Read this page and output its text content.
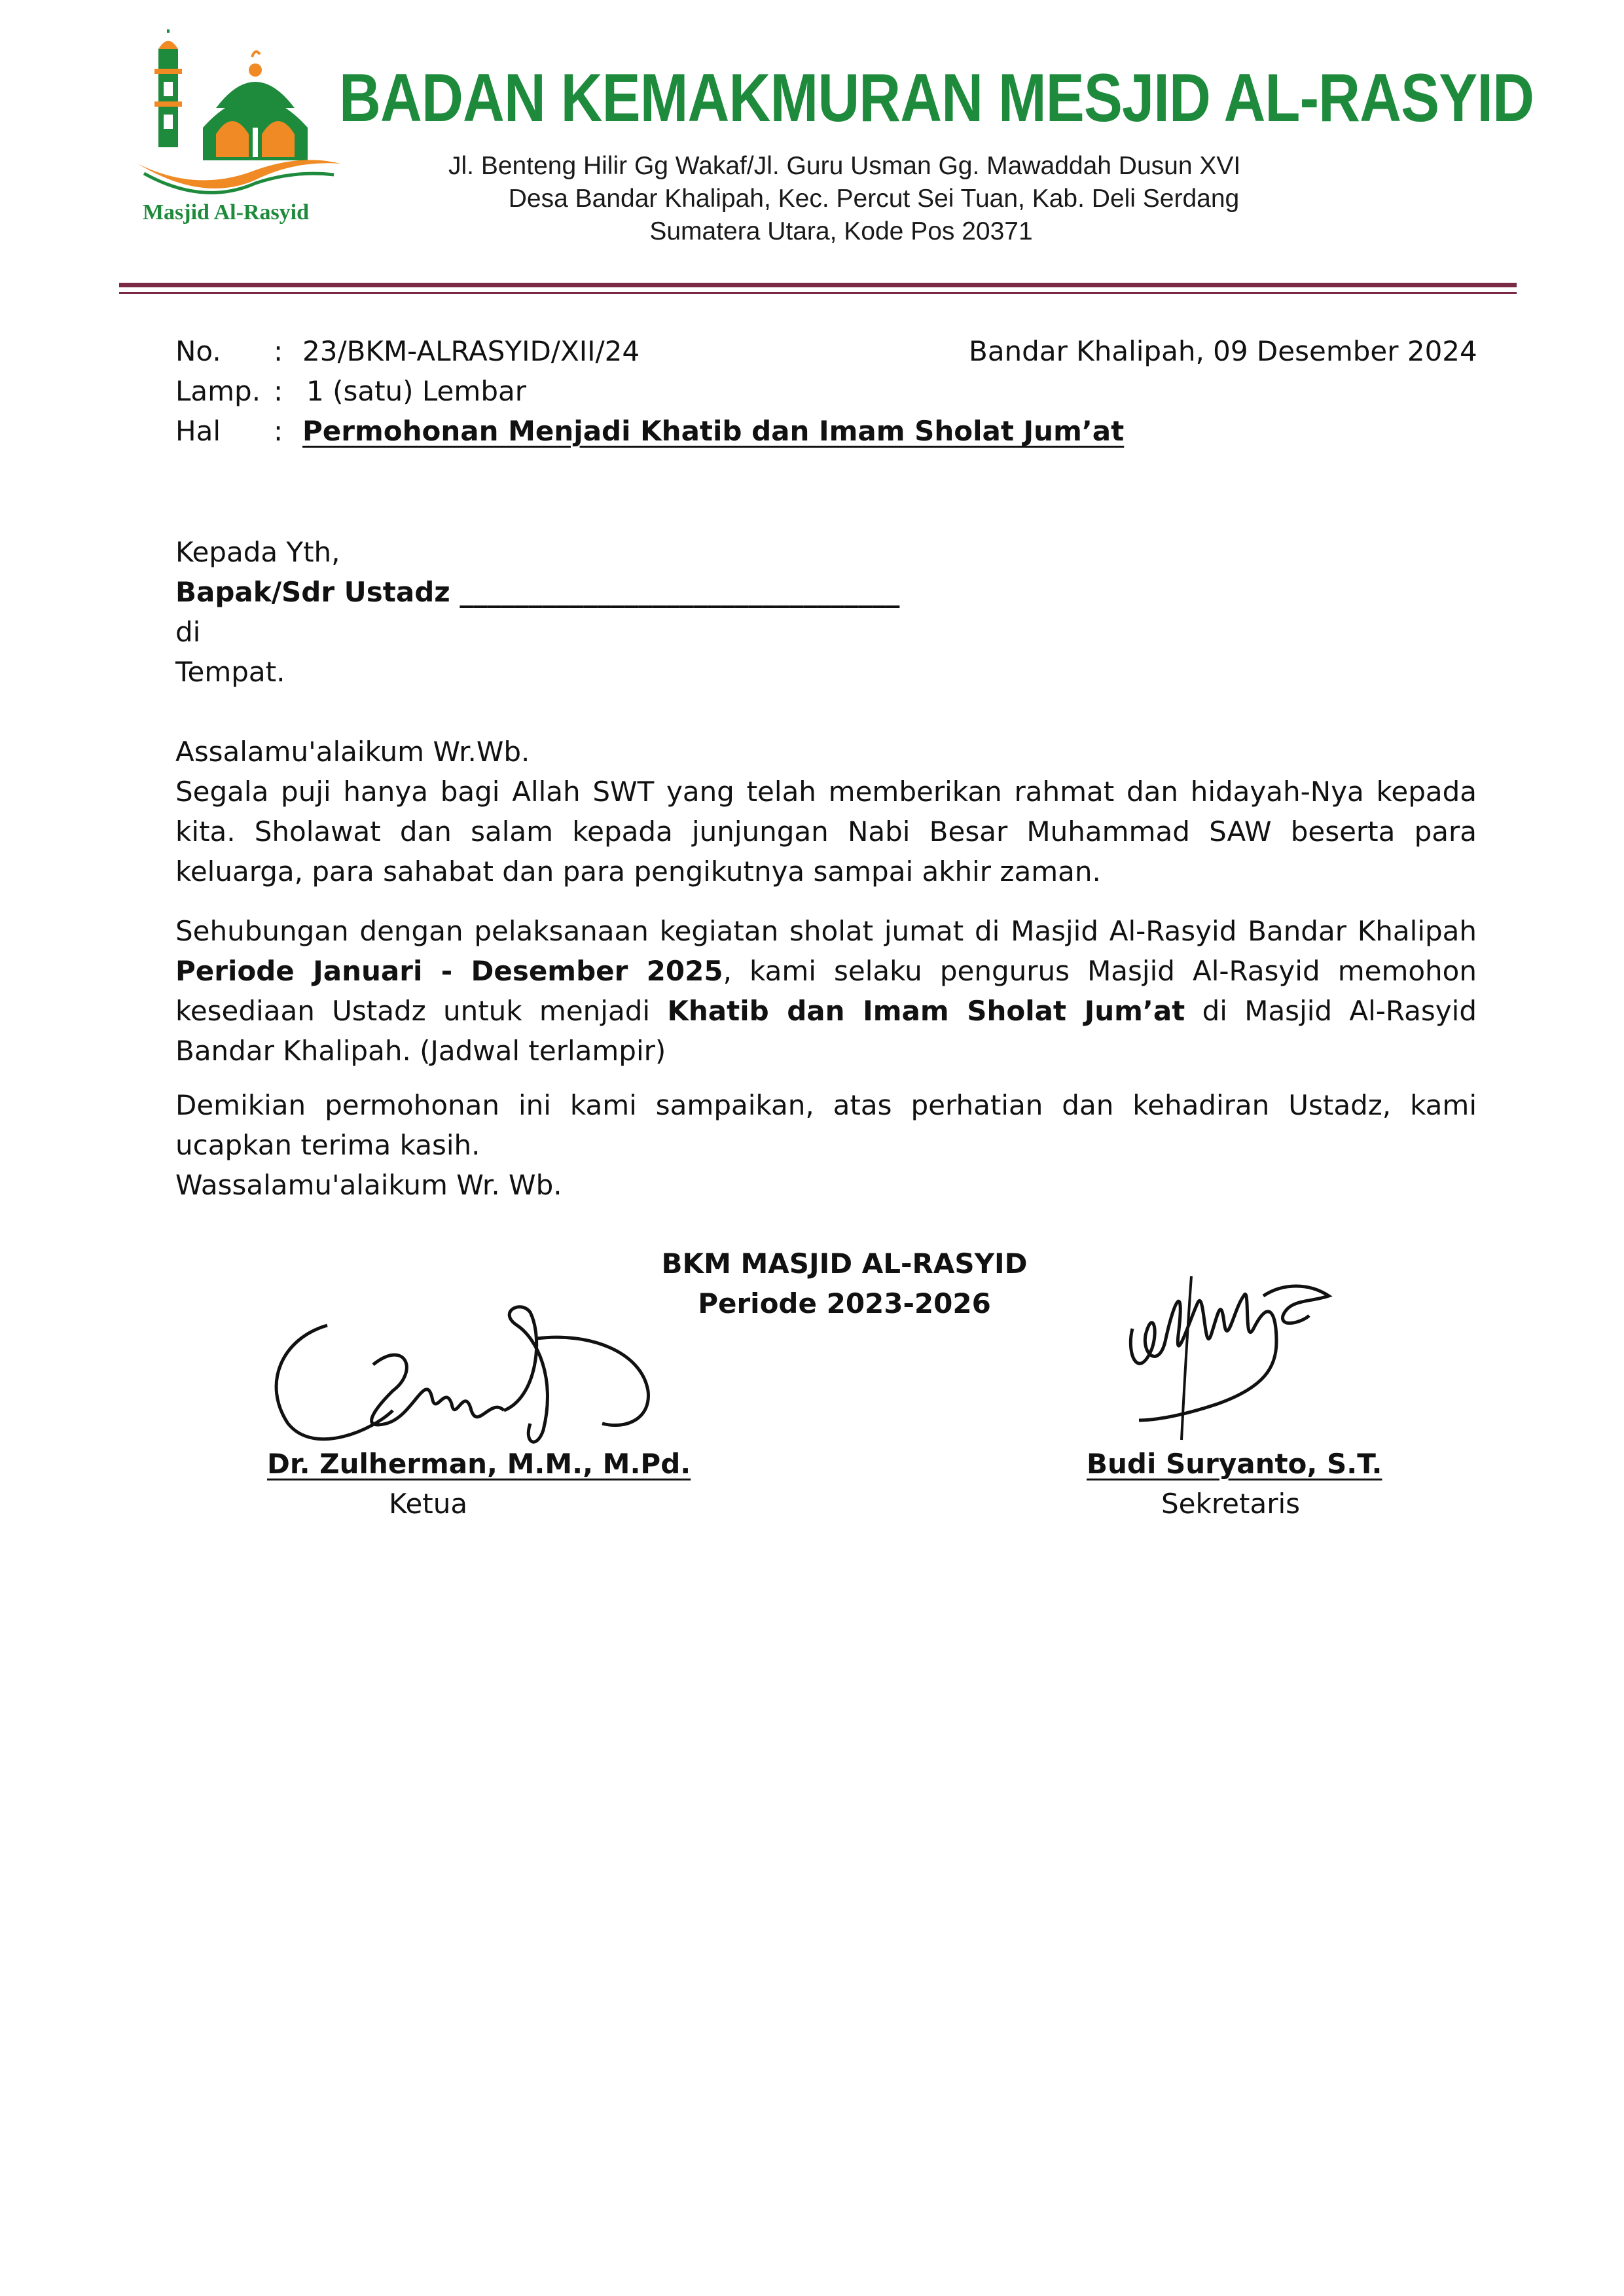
Masjid Al-Rasyid
BADAN KEMAKMURAN MESJID AL-RASYID
Jl. Benteng Hilir Gg Wakaf/Jl. Guru Usman Gg. Mawaddah Dusun XVI
Desa Bandar Khalipah, Kec. Percut Sei Tuan, Kab. Deli Serdang
Sumatera Utara, Kode Pos 20371
No.
Lamp.
Hal
:
:
:
23/BKM-ALRASYID/XII/24
1 (satu) Lembar
Permohonan Menjadi Khatib dan Imam Sholat Jum’at
Bandar Khalipah, 09 Desember 2024
Kepada Yth,
Bapak/Sdr Ustadz ________________________________
di
Tempat.
Assalamu'alaikum Wr.Wb.
Segala puji hanya bagi Allah SWT yang telah memberikan rahmat dan hidayah-Nya kepada kita. Sholawat dan salam kepada junjungan Nabi Besar Muhammad SAW beserta para keluarga, para sahabat dan para pengikutnya sampai akhir zaman.
Sehubungan dengan pelaksanaan kegiatan sholat jumat di Masjid Al-Rasyid Bandar Khalipah Periode Januari - Desember 2025, kami selaku pengurus Masjid Al-Rasyid memohon kesediaan Ustadz untuk menjadi Khatib dan Imam Sholat Jum’at di Masjid Al-Rasyid Bandar Khalipah. (Jadwal terlampir)
Demikian permohonan ini kami sampaikan, atas perhatian dan kehadiran Ustadz, kami ucapkan terima kasih.
Wassalamu'alaikum Wr. Wb.
BKM MASJID AL-RASYID
Periode 2023-2026
Dr. Zulherman, M.M., M.Pd.
Ketua
Budi Suryanto, S.T.
Sekretaris
